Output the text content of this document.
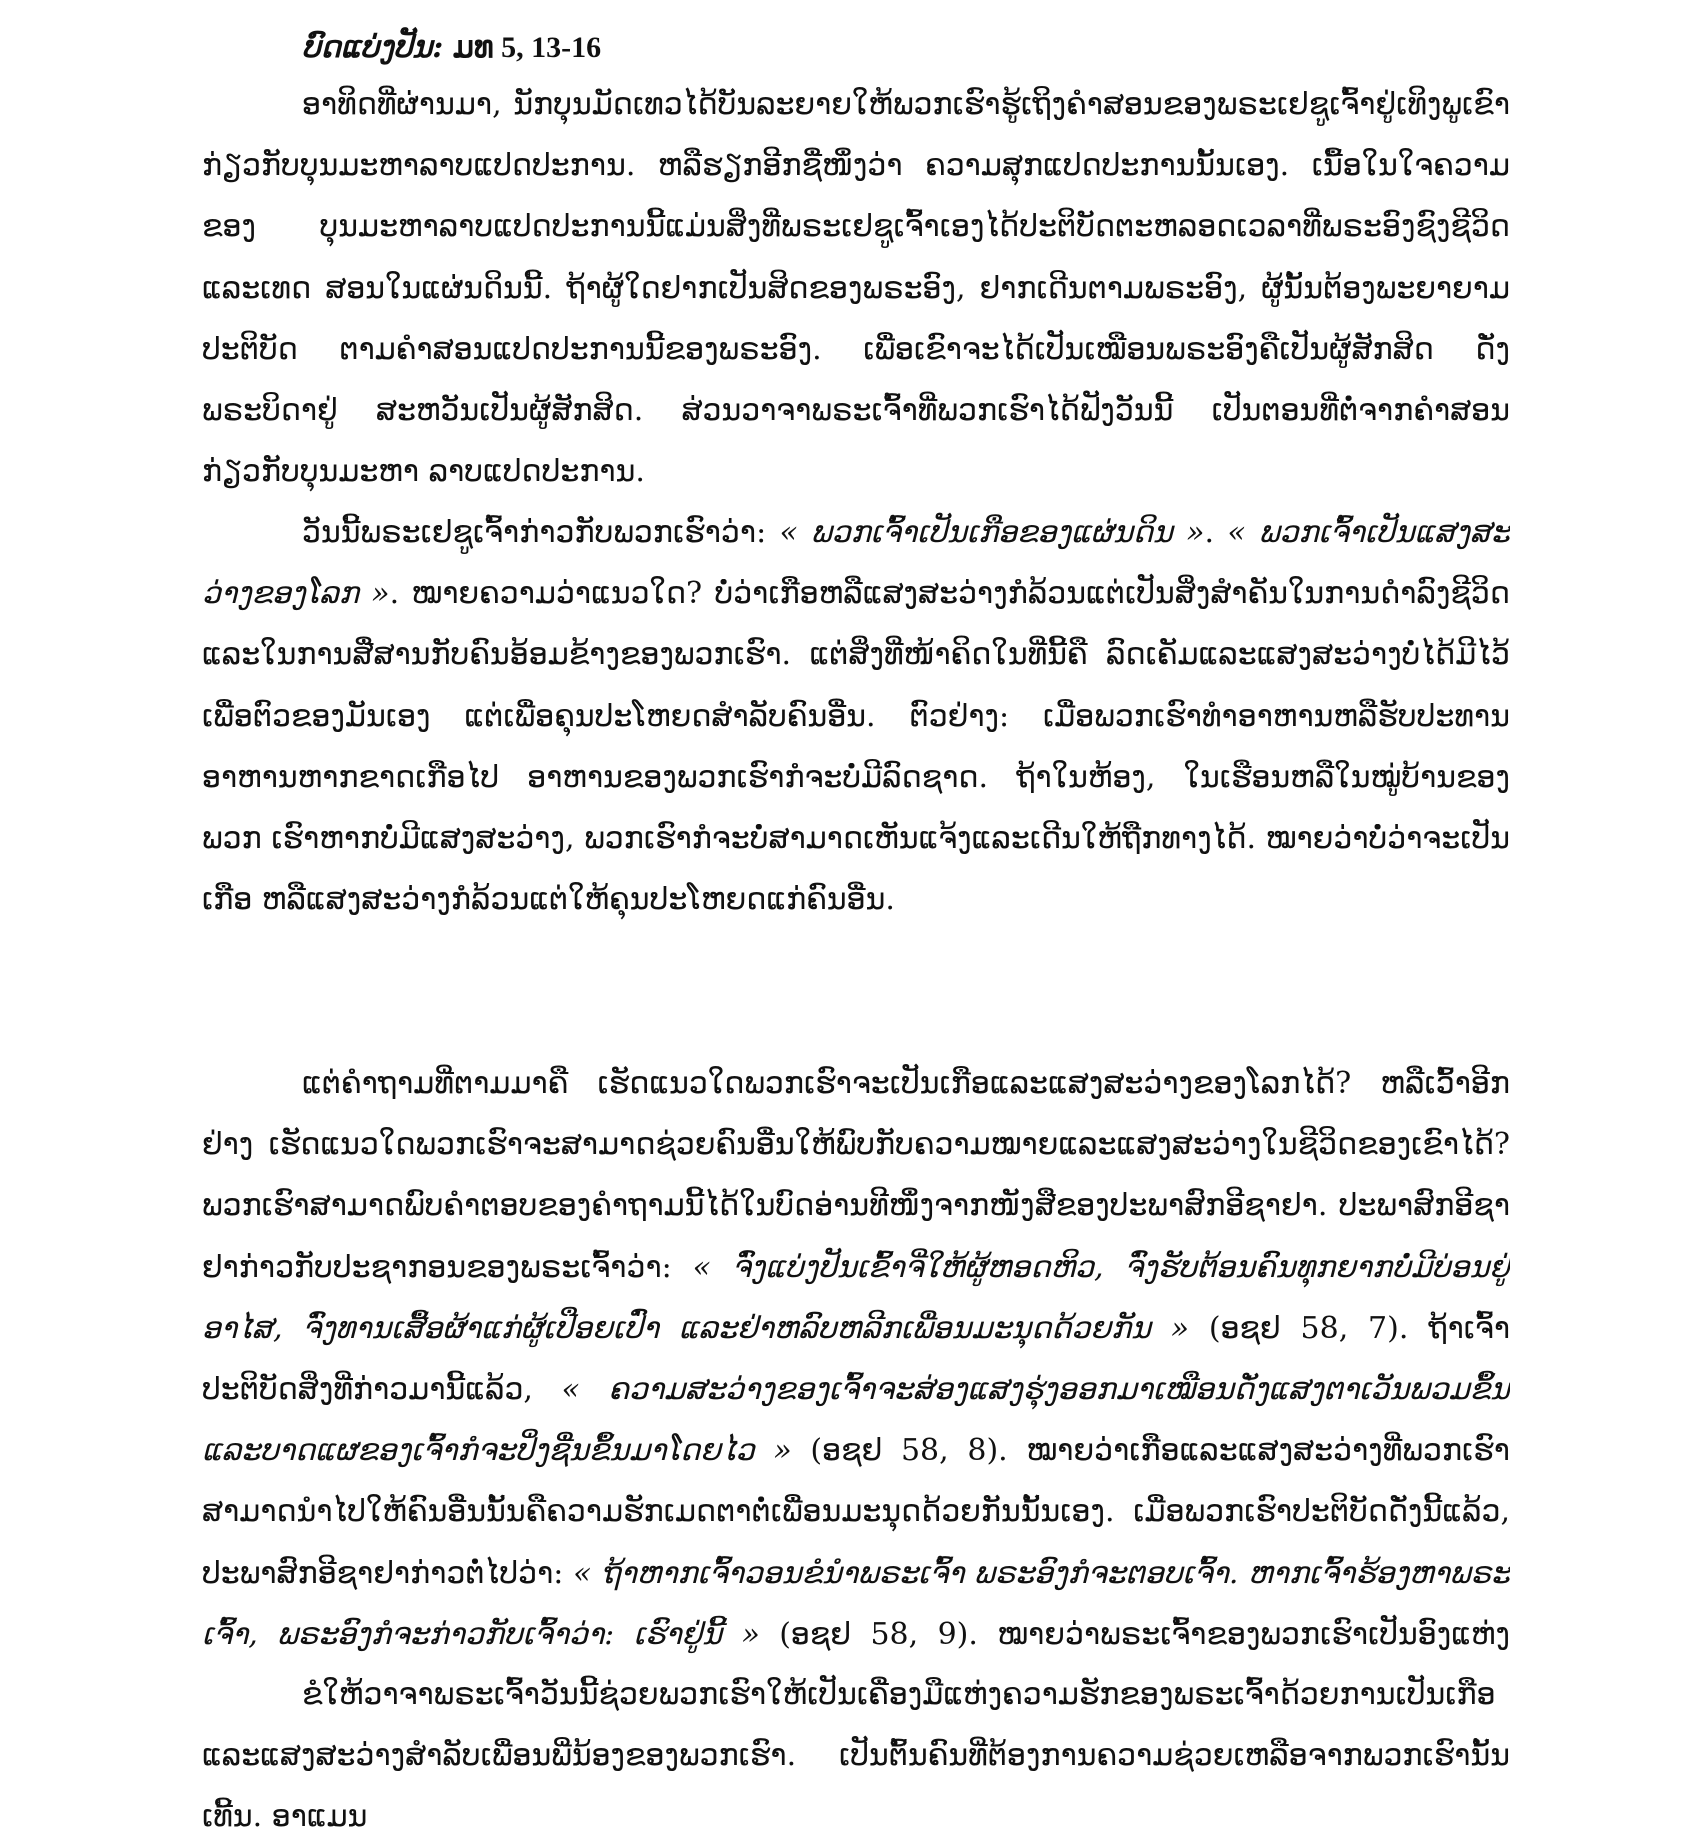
ບົດແບ່ງປັນ: ມທ 5, 13-16

ອາທິດທີ່ຜ່ານມາ, ນັກບຸນມັດເທວໄດ້ບັນລະຍາຍໃຫ້ພວກເຮົາຮູ້ເຖິງຄຳສອນຂອງພຣະເຢຊູເຈົ້າຢູ່ເທິງພູເຂົາ ກ່ຽວກັບບຸນມະຫາລາບແປດປະການ. ຫລືຮຽກອີກຊື່ໜຶ່ງວ່າ ຄວາມສຸກແປດປະການນັ້ນເອງ. ເນື້ອໃນໃຈຄວາມຂອງ ບຸນມະຫາລາບແປດປະການນີ້ແມ່ນສິ່ງທີ່ພຣະເຢຊູເຈົ້າເອງໄດ້ປະຕິບັດຕະຫລອດເວລາທີ່ພຣະອົງຊົງຊີວິດແລະເທດ ສອນໃນແຜ່ນດິນນີ້. ຖ້າຜູ້ໃດຢາກເປັນສິດຂອງພຣະອົງ, ຢາກເດີນຕາມພຣະອົງ, ຜູ້ນັ້ນຕ້ອງພະຍາຍາມປະຕິບັດ ຕາມຄຳສອນແປດປະການນີ້ຂອງພຣະອົງ. ເພື່ອເຂົາຈະໄດ້ເປັນເໝືອນພຣະອົງຄືເປັນຜູ້ສັກສິດ ດັ່ງພຣະບິດາຢູ່ ສະຫວັນເປັນຜູ້ສັກສິດ. ສ່ວນວາຈາພຣະເຈົ້າທີ່ພວກເຮົາໄດ້ຟັງວັນນີ້ ເປັນຕອນທີ່ຕໍ່ຈາກຄຳສອນກ່ຽວກັບບຸນມະຫາ ລາບແປດປະການ.

ວັນນີ້ພຣະເຢຊູເຈົ້າກ່າວກັບພວກເຮົາວ່າ: « ພວກເຈົ້າເປັນເກືອຂອງແຜ່ນດິນ ». « ພວກເຈົ້າເປັນແສງສະ ວ່າງຂອງໂລກ ». ໝາຍຄວາມວ່າແນວໃດ? ບໍ່ວ່າເກືອຫລືແສງສະວ່າງກໍລ້ວນແຕ່ເປັນສິ່ງສຳຄັນໃນການດຳລົງຊີວິດ ແລະໃນການສື່ສານກັບຄົນອ້ອມຂ້າງຂອງພວກເຮົາ. ແຕ່ສິ່ງທີ່ໜ້າຄິດໃນທີ່ນີ້ຄື ລົດເຄັມແລະແສງສະວ່າງບໍ່ໄດ້ມີໄວ້ ເພື່ອຕົວຂອງມັນເອງ ແຕ່ເພື່ອຄຸນປະໂຫຍດສຳລັບຄົນອື່ນ. ຕົວຢ່າງ: ເມື່ອພວກເຮົາທຳອາຫານຫລືຮັບປະທານ ອາຫານຫາກຂາດເກືອໄປ ອາຫານຂອງພວກເຮົາກໍຈະບໍ່ມີລົດຊາດ. ຖ້າໃນຫ້ອງ, ໃນເຮືອນຫລືໃນໝູ່ບ້ານຂອງພວກ ເຮົາຫາກບໍ່ມີແສງສະວ່າງ, ພວກເຮົາກໍຈະບໍ່ສາມາດເຫັນແຈ້ງແລະເດີນໃຫ້ຖືກທາງໄດ້. ໝາຍວ່າບໍ່ວ່າຈະເປັນເກືອ ຫລືແສງສະວ່າງກໍລ້ວນແຕ່ໃຫ້ຄຸນປະໂຫຍດແກ່ຄົນອື່ນ.

ແຕ່ຄຳຖາມທີ່ຕາມມາຄື ເຮັດແນວໃດພວກເຮົາຈະເປັນເກືອແລະແສງສະວ່າງຂອງໂລກໄດ້? ຫລືເວົ້າອີກ ຢ່າງ ເຮັດແນວໃດພວກເຮົາຈະສາມາດຊ່ວຍຄົນອື່ນໃຫ້ພົບກັບຄວາມໝາຍແລະແສງສະວ່າງໃນຊີວິດຂອງເຂົາໄດ້? ພວກເຮົາສາມາດພົບຄຳຕອບຂອງຄຳຖາມນີ້ໄດ້ໃນບົດອ່ານທີໜຶ່ງຈາກໜັງສືຂອງປະພາສົກອີຊາຢາ. ປະພາສົກອີຊາ ຢາກ່າວກັບປະຊາກອນຂອງພຣະເຈົ້າວ່າ: « ຈົ່ງແບ່ງປັນເຂົ້າຈີ່ໃຫ້ຜູ້ຫອດຫິວ, ຈົ່ງຮັບຕ້ອນຄົນທຸກຍາກບໍ່ມີບ່ອນຢູ່ ອາໄສ, ຈົ່ງທານເສື້ອຜ້າແກ່ຜູ້ເປືອຍເປົ່າ ແລະຢ່າຫລົບຫລີກເພື່ອນມະນຸດດ້ວຍກັນ » (ອຊຢ 58, 7). ຖ້າເຈົ້າ ປະຕິບັດສິ່ງທີ່ກ່າວມານີ້ແລ້ວ, « ຄວາມສະວ່າງຂອງເຈົ້າຈະສ່ອງແສງຮຸ່ງອອກມາເໝືອນດັ່ງແສງຕາເວັນພວມຂຶ້ນ ແລະບາດແຜຂອງເຈົ້າກໍຈະປິ່ງຊື່ນຂຶ້ນມາໂດຍໄວ » (ອຊຢ 58, 8). ໝາຍວ່າເກືອແລະແສງສະວ່າງທີ່ພວກເຮົາ ສາມາດນຳໄປໃຫ້ຄົນອື່ນນັ້ນຄືຄວາມຮັກເມດຕາຕໍ່ເພື່ອນມະນຸດດ້ວຍກັນນັ້ນເອງ. ເມື່ອພວກເຮົາປະຕິບັດດັ່ງນີ້ແລ້ວ, ປະພາສົກອີຊາຢາກ່າວຕໍ່ໄປວ່າ: « ຖ້າຫາກເຈົ້າວອນຂໍນຳພຣະເຈົ້າ ພຣະອົງກໍຈະຕອບເຈົ້າ. ຫາກເຈົ້າຮ້ອງຫາພຣະ ເຈົ້າ, ພຣະອົງກໍຈະກ່າວກັບເຈົ້າວ່າ: ເຮົາຢູ່ນີ້ » (ອຊຢ 58, 9). ໝາຍວ່າພຣະເຈົ້າຂອງພວກເຮົາເປັນອົງແຫ່ງ

ຂໍໃຫ້ວາຈາພຣະເຈົ້າວັນນີ້ຊ່ວຍພວກເຮົາໃຫ້ເປັນເຄື່ອງມືແຫ່ງຄວາມຮັກຂອງພຣະເຈົ້າດ້ວຍການເປັນເກືອ ແລະແສງສະວ່າງສຳລັບເພື່ອນພີ່ນ້ອງຂອງພວກເຮົາ. ເປັນຕົ້ນຄົນທີ່ຕ້ອງການຄວາມຊ່ວຍເຫລືອຈາກພວກເຮົານັ້ນ ເທີ້ນ. ອາແມນ
